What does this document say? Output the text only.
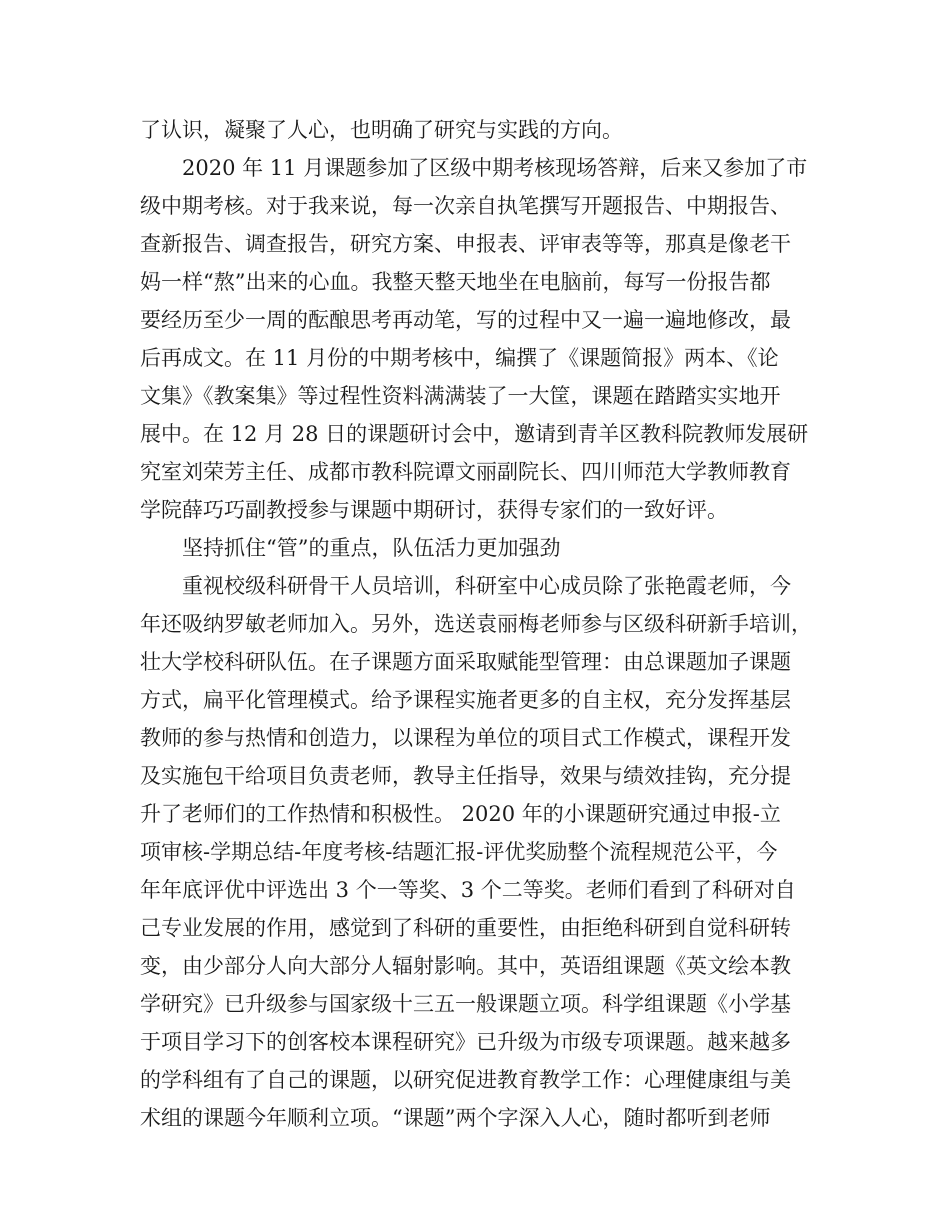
了认识，凝聚了人心，也明确了研究与实践的方向。
2020 年 11 月课题参加了区级中期考核现场答辩，后来又参加了市
级中期考核。对于我来说，每一次亲自执笔撰写开题报告、中期报告、
查新报告、调查报告，研究方案、申报表、评审表等等，那真是像老干
妈一样“熬”出来的心血。我整天整天地坐在电脑前，每写一份报告都
要经历至少一周的酝酿思考再动笔，写的过程中又一遍一遍地修改，最
后再成文。在 11 月份的中期考核中，编撰了《课题简报》两本、《论
文集》《教案集》等过程性资料满满装了一大筐，课题在踏踏实实地开
展中。在 12 月 28 日的课题研讨会中，邀请到青羊区教科院教师发展研
究室刘荣芳主任、成都市教科院谭文丽副院长、四川师范大学教师教育
学院薛巧巧副教授参与课题中期研讨，获得专家们的一致好评。
坚持抓住“管”的重点，队伍活力更加强劲
重视校级科研骨干人员培训，科研室中心成员除了张艳霞老师，今
年还吸纳罗敏老师加入。另外，选送袁丽梅老师参与区级科研新手培训，
壮大学校科研队伍。在子课题方面采取赋能型管理：由总课题加子课题
方式，扁平化管理模式。给予课程实施者更多的自主权，充分发挥基层
教师的参与热情和创造力，以课程为单位的项目式工作模式，课程开发
及实施包干给项目负责老师，教导主任指导，效果与绩效挂钩，充分提
升了老师们的工作热情和积极性。 2020 年的小课题研究通过申报-立
项审核-学期总结-年度考核-结题汇报-评优奖励整个流程规范公平，今
年年底评优中评选出 3 个一等奖、3 个二等奖。老师们看到了科研对自
己专业发展的作用，感觉到了科研的重要性，由拒绝科研到自觉科研转
变，由少部分人向大部分人辐射影响。其中，英语组课题《英文绘本教
学研究》已升级参与国家级十三五一般课题立项。科学组课题《小学基
于项目学习下的创客校本课程研究》已升级为市级专项课题。越来越多
的学科组有了自己的课题，以研究促进教育教学工作：心理健康组与美
术组的课题今年顺利立项。“课题”两个字深入人心，随时都听到老师
